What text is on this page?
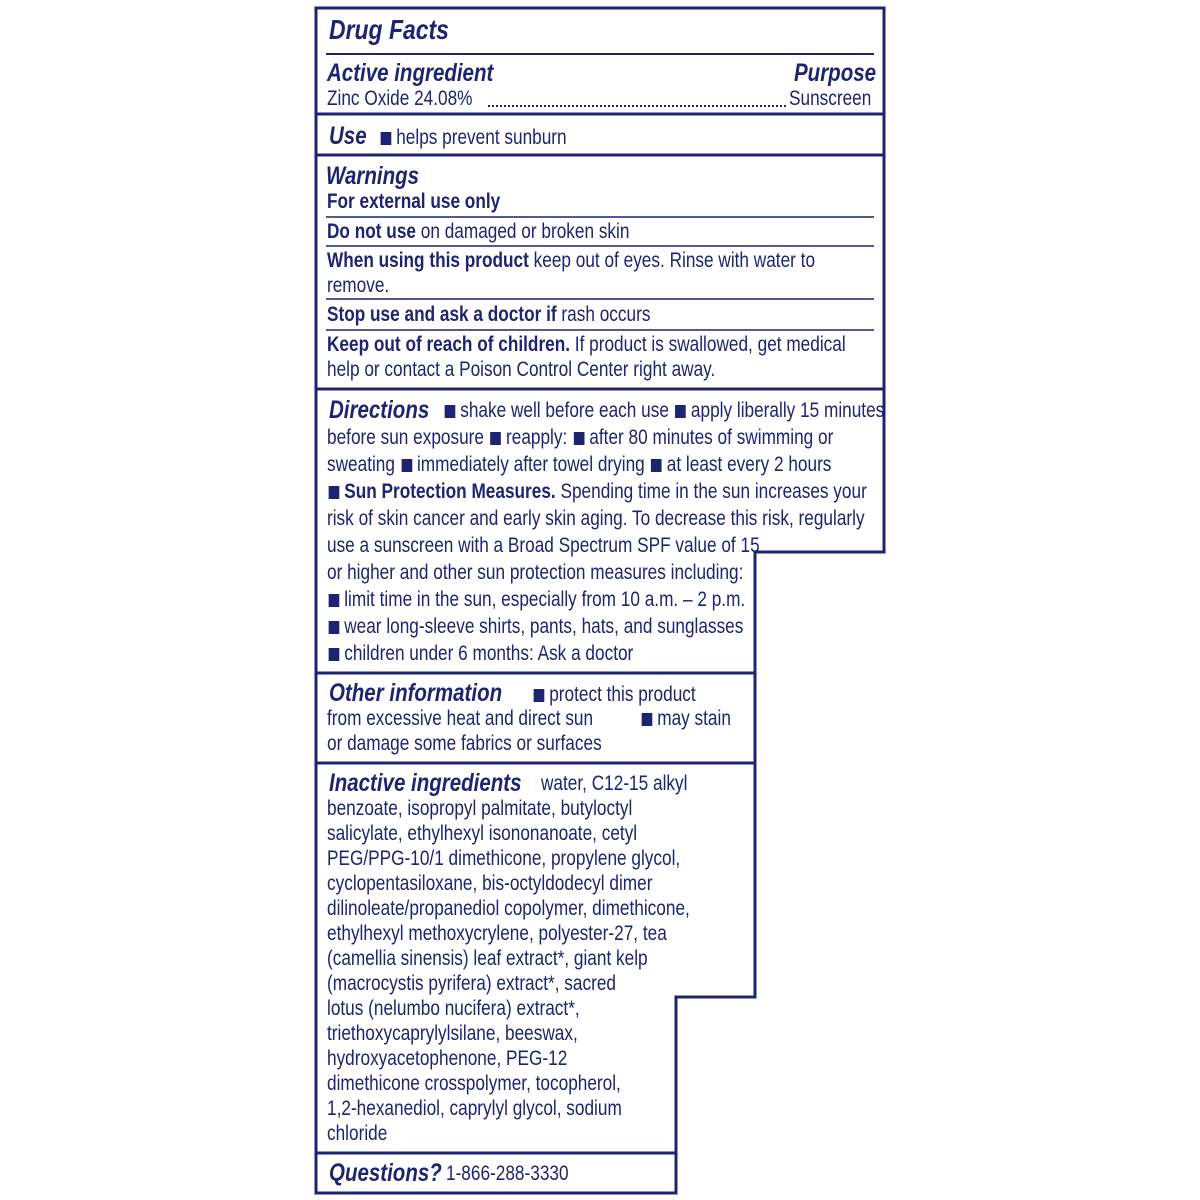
Drug Facts
Active ingredient	Purpose
Zinc Oxide 24.08%	Sunscreen
Use	helps prevent sunburn
Warnings
For external use only
Do not use on damaged or broken skin
When using this product keep out of eyes. Rinse with water to
remove.
Stop use and ask a doctor if rash occurs
Keep out of reach of children. If product is swallowed, get medical
help or contact a Poison Control Center right away.
Directions	shake well before each use apply liberally 15 minutes
before sun exposure reapply: after 80 minutes of swimming or
sweating immediately after towel drying at least every 2 hours
Sun Protection Measures. Spending time in the sun increases your
risk of skin cancer and early skin aging. To decrease this risk, regularly
use a sunscreen with a Broad Spectrum SPF value of 15
or higher and other sun protection measures including:
limit time in the sun, especially from 10 a.m. – 2 p.m.
wear long-sleeve shirts, pants, hats, and sunglasses
children under 6 months: Ask a doctor
Other information	protect this product
from excessive heat and direct sun	may stain
or damage some fabrics or surfaces
Inactive ingredients water, C12-15 alkyl
benzoate, isopropyl palmitate, butyloctyl
salicylate, ethylhexyl isononanoate, cetyl
PEG/PPG-10/1 dimethicone, propylene glycol,
cyclopentasiloxane, bis-octyldodecyl dimer
dilinoleate/propanediol copolymer, dimethicone,
ethylhexyl methoxycrylene, polyester-27, tea
(camellia sinensis) leaf extract*, giant kelp
(macrocystis pyrifera) extract*, sacred
lotus (nelumbo nucifera) extract*,
triethoxycaprylylsilane, beeswax,
hydroxyacetophenone, PEG-12
dimethicone crosspolymer, tocopherol,
1,2-hexanediol, caprylyl glycol, sodium
chloride
Questions? 1-866-288-3330
